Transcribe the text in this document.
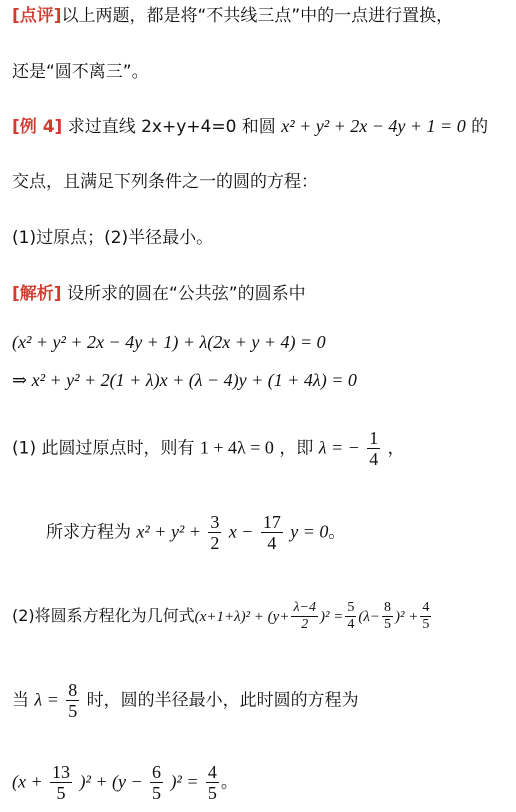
[点评]以上两题，都是将“不共线三点”中的一点进行置换，
还是“圆不离三”。
[例 4] 求过直线 2x+y+4=0 和圆 x² + y² + 2x − 4y + 1 = 0 的
交点，且满足下列条件之一的圆的方程：
(1)过原点；(2)半径最小。
[解析] 设所求的圆在“公共弦”的圆系中
(x² + y² + 2x − 4y + 1) + λ(2x + y + 4) = 0
⇒ x² + y² + 2(1 + λ)x + (λ − 4)y + (1 + 4λ) = 0
(1) 此圆过原点时，则有 1 + 4λ = 0 ，即 λ = − $\frac{1}{4}$ ，
所求方程为 $x^2 + y^2 + \frac{3}{2}$ $x - \frac{17}{4}$ y = 0。
(2)将圆系方程化为几何式$(x+1+\lambda)^2 + (y+ \frac{\lambda-4}{2} )^2 = \frac{5}{4} (\lambda- \frac{8}{5} )^2 + \frac{4}{5}$
当 $\lambda = \frac{8}{5}$ 时，圆的半径最小，此时圆的方程为
$(x + \frac{13}{5} )^2 + (y - \frac{6}{5} )^2 = \frac{4}{5}$ 。
